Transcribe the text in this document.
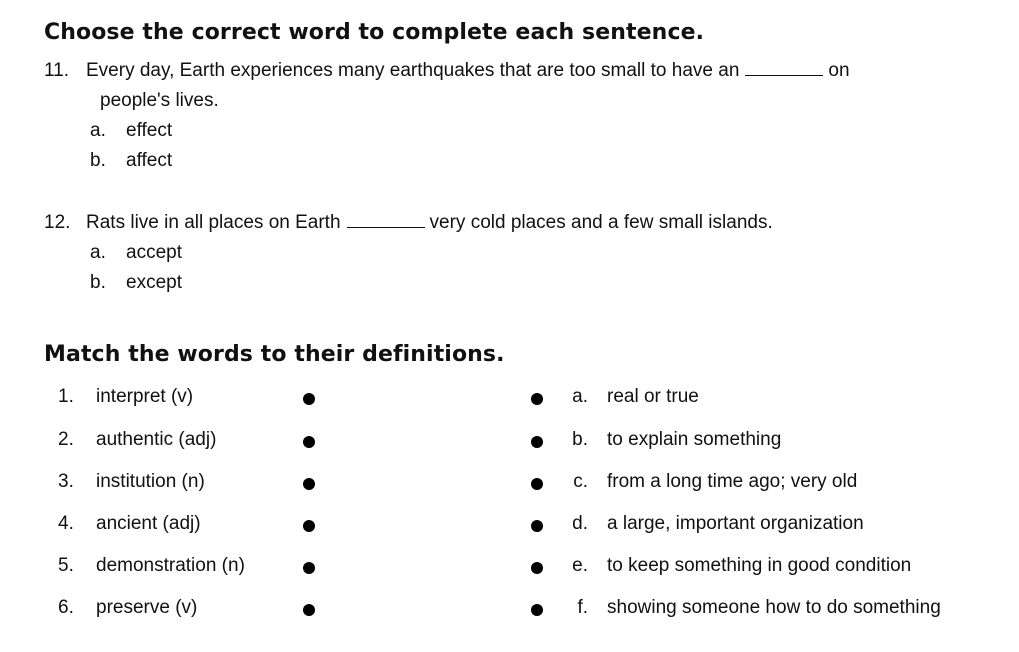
Choose the correct word to complete each sentence.
11. Every day, Earth experiences many earthquakes that are too small to have an	on
people's lives.
a. effect
b. affect
12. Rats live in all places on Earth	very cold places and a few small islands.
a. accept
b. except
Match the words to their definitions.
1.	interpret (v)	a. real or true
2.	authentic (adj)	b. to explain something
3.	institution (n)	c. from a long time ago; very old
4.	ancient (adj)	d. a large, important organization
5.	demonstration (n)	e. to keep something in good condition
6.	preserve (v)	f. showing someone how to do something
